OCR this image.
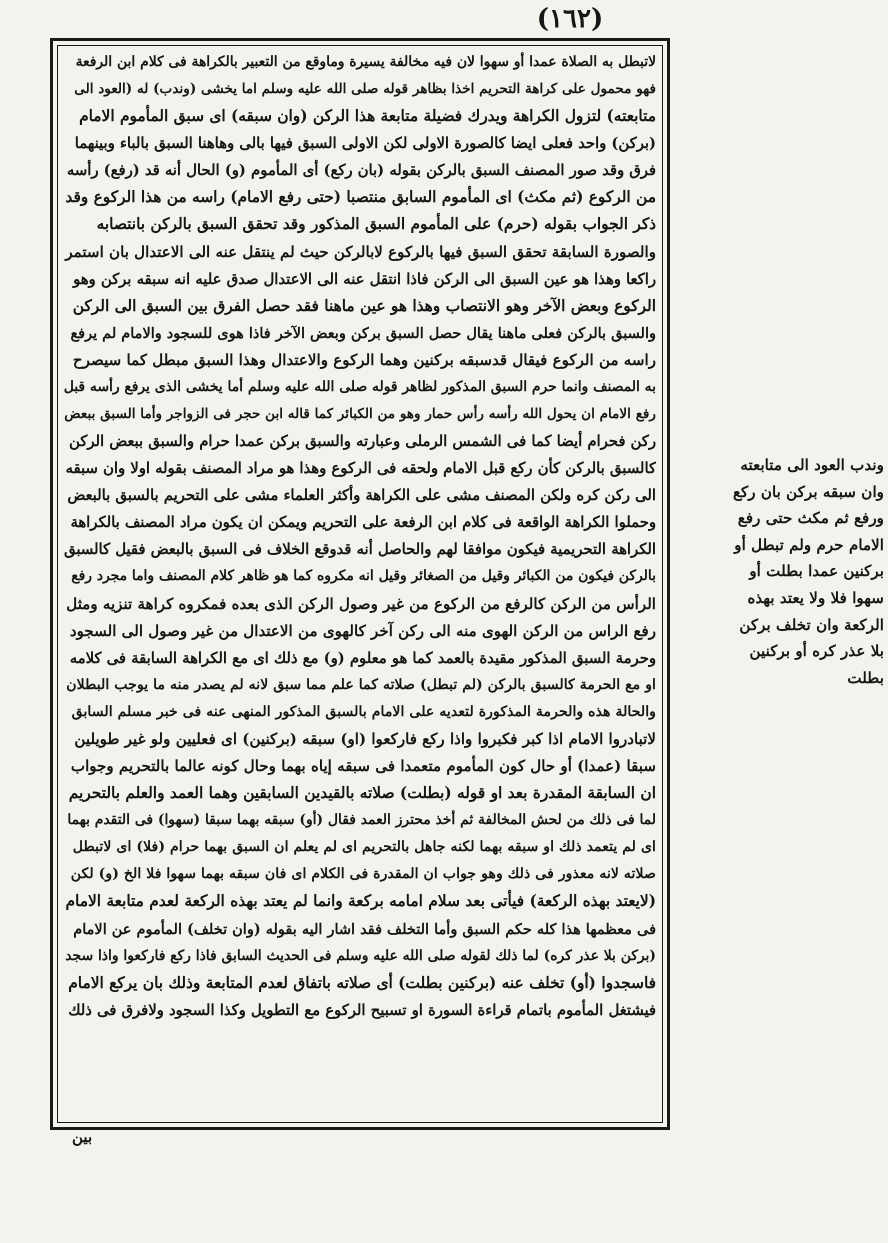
(١٦٢)
لاتبطل به الصلاة عمدا أو سهوا لان فيه مخالفة يسيرة وماوقع من التعبير بالكراهة فى كلام ابن الرفعة
فهو محمول على كراهة التحريم اخذا بظاهر قوله صلى الله عليه وسلم اما يخشى (وندب) له (العود الى
متابعته) لتزول الكراهة ويدرك فضيلة متابعة هذا الركن (وان سبقه) اى سبق المأموم الامام
(بركن) واحد فعلى ايضا كالصورة الاولى لكن الاولى السبق فيها بالى وهاهنا السبق بالباء وبينهما
فرق وقد صور المصنف السبق بالركن بقوله (بان ركع) أى المأموم (و) الحال أنه قد (رفع) رأسه
من الركوع (ثم مكث) اى المأموم السابق منتصبا (حتى رفع الامام) راسه من هذا الركوع وقد
ذكر الجواب بقوله (حرم) على المأموم السبق المذكور وقد تحقق السبق بالركن بانتصابه
والصورة السابقة تحقق السبق فيها بالركوع لابالركن حيث لم ينتقل عنه الى الاعتدال بان استمر
راكعا وهذا هو عين السبق الى الركن فاذا انتقل عنه الى الاعتدال صدق عليه انه سبقه بركن وهو
الركوع وبعض الآخر وهو الانتصاب وهذا هو عين ماهنا فقد حصل الفرق بين السبق الى الركن
والسبق بالركن فعلى ماهنا يقال حصل السبق بركن وبعض الآخر فاذا هوى للسجود والامام لم يرفع
راسه من الركوع فيقال قدسبقه بركنين وهما الركوع والاعتدال وهذا السبق مبطل كما سيصرح
به المصنف وانما حرم السبق المذكور لظاهر قوله صلى الله عليه وسلم أما يخشى الذى يرفع رأسه قبل
رفع الامام ان يحول الله رأسه رأس حمار وهو من الكبائر كما قاله ابن حجر فى الزواجر وأما السبق ببعض
ركن فحرام أيضا كما فى الشمس الرملى وعبارته والسبق بركن عمدا حرام والسبق ببعض الركن
كالسبق بالركن كأن ركع قبل الامام ولحقه فى الركوع وهذا هو مراد المصنف بقوله اولا وان سبقه
الى ركن كره ولكن المصنف مشى على الكراهة وأكثر العلماء مشى على التحريم بالسبق بالبعض
وحملوا الكراهة الواقعة فى كلام ابن الرفعة على التحريم ويمكن ان يكون مراد المصنف بالكراهة
الكراهة التحريمية فيكون موافقا لهم والحاصل أنه قدوقع الخلاف فى السبق بالبعض فقيل كالسبق
بالركن فيكون من الكبائر وقيل من الصغائر وقيل انه مكروه كما هو ظاهر كلام المصنف واما مجرد رفع
الرأس من الركن كالرفع من الركوع من غير وصول الركن الذى بعده فمكروه كراهة تنزيه ومثل
رفع الراس من الركن الهوى منه الى ركن آخر كالهوى من الاعتدال من غير وصول الى السجود
وحرمة السبق المذكور مقيدة بالعمد كما هو معلوم (و) مع ذلك اى مع الكراهة السابقة فى كلامه
او مع الحرمة كالسبق بالركن (لم تبطل) صلاته كما علم مما سبق لانه لم يصدر منه ما يوجب البطلان
والحالة هذه والحرمة المذكورة لتعديه على الامام بالسبق المذكور المنهى عنه فى خبر مسلم السابق
لاتبادروا الامام اذا كبر فكبروا واذا ركع فاركعوا (او) سبقه (بركنين) اى فعليين ولو غير طويلين
سبقا (عمدا) أو حال كون المأموم متعمدا فى سبقه إياه بهما وحال كونه عالما بالتحريم وجواب
ان السابقة المقدرة بعد او قوله (بطلت) صلاته بالقيدين السابقين وهما العمد والعلم بالتحريم
لما فى ذلك من لحش المخالفة ثم أخذ محترز العمد فقال (أو) سبقه بهما سبقا (سهوا) فى التقدم بهما
اى لم يتعمد ذلك او سبقه بهما لكنه جاهل بالتحريم اى لم يعلم ان السبق بهما حرام (فلا) اى لاتبطل
صلاته لانه معذور فى ذلك وهو جواب ان المقدرة فى الكلام اى فان سبقه بهما سهوا فلا الخ (و) لكن
(لايعتد بهذه الركعة) فيأتى بعد سلام امامه بركعة وانما لم يعتد بهذه الركعة لعدم متابعة الامام
فى معظمها هذا كله حكم السبق وأما التخلف فقد اشار اليه بقوله (وان تخلف) المأموم عن الامام
(بركن بلا عذر كره) لما ذلك لقوله صلى الله عليه وسلم فى الحديث السابق فاذا ركع فاركعوا واذا سجد
فاسجدوا (أو) تخلف عنه (بركنين بطلت) أى صلاته باتفاق لعدم المتابعة وذلك بان يركع الامام
فيشتغل المأموم باتمام قراءة السورة او تسبيح الركوع مع التطويل وكذا السجود ولافرق فى ذلك
وندب العود الى متابعته
وان سبقه بركن بان ركع
ورفع ثم مكث حتى رفع
الامام حرم ولم تبطل أو
بركنين عمدا بطلت أو
سهوا فلا ولا يعتد بهذه
الركعة وان تخلف بركن
بلا عذر كره أو بركنين
بطلت
بين
